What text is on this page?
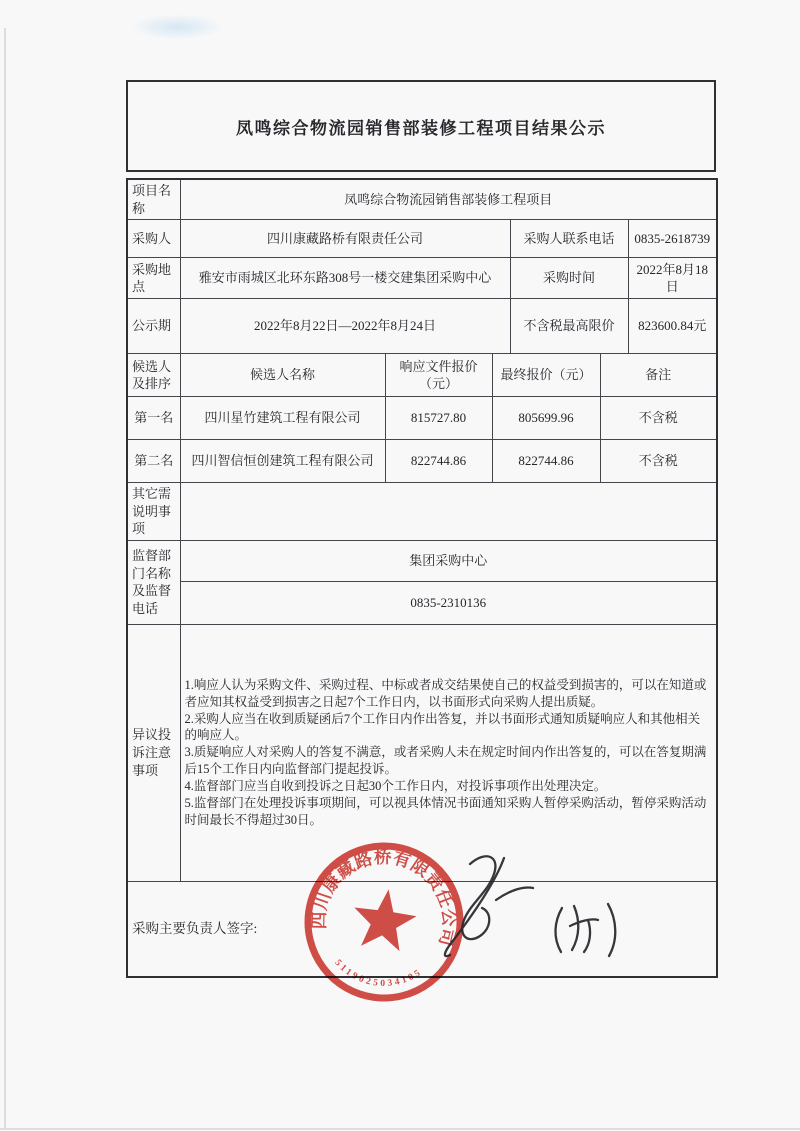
凤鸣综合物流园销售部装修工程项目结果公示
项目名称	凤鸣综合物流园销售部装修工程项目					
采购人	四川康藏路桥有限责任公司			采购人联系电话		0835-2618739
采购地点	雅安市雨城区北环东路308号一楼交建集团采购中心			采购时间		2022年8月18日
公示期	2022年8月22日—2022年8月24日			不含税最高限价		823600.84元
候选人及排序	候选人名称	响应文件报价（元）	最终报价（元）		备注	
第一名	四川星竹建筑工程有限公司	815727.80	805699.96		不含税	
第二名	四川智信恒创建筑工程有限公司	822744.86	822744.86		不含税	
其它需说明事项						
监督部门名称及监督电话	集团采购中心					
	0835-2310136					
异议投诉注意事项	1.响应人认为采购文件、采购过程、中标或者成交结果使自己的权益受到损害的，可以在知道或者应知其权益受到损害之日起7个工作日内，以书面形式向采购人提出质疑。
2.采购人应当在收到质疑函后7个工作日内作出答复，并以书面形式通知质疑响应人和其他相关的响应人。
3.质疑响应人对采购人的答复不满意，或者采购人未在规定时间内作出答复的，可以在答复期满后15个工作日内向监督部门提起投诉。
4.监督部门应当自收到投诉之日起30个工作日内，对投诉事项作出处理决定。
5.监督部门在处理投诉事项期间，可以视具体情况书面通知采购人暂停采购活动，暂停采购活动时间最长不得超过30日。					

采购主要负责人签字:							四川康藏路桥有限责任公司
5119025034105
